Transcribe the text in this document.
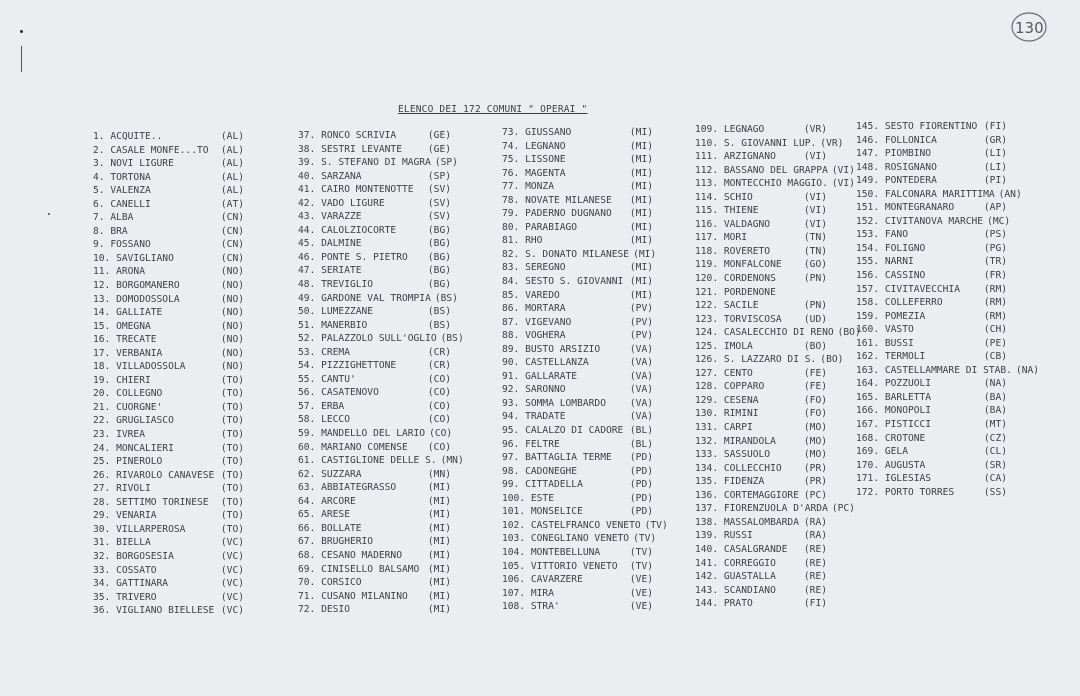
130
ELENCO DEI 172 COMUNI " OPERAI "
1. ACQUITE..	(AL)
2. CASALE MONFE...TO	(AL)
3. NOVI LIGURE	(AL)
4. TORTONA	(AL)
5. VALENZA	(AL)
6. CANELLI	(AT)
7. ALBA	(CN)
8. BRA	(CN)
9. FOSSANO	(CN)
10. SAVIGLIANO	(CN)
11. ARONA	(NO)
12. BORGOMANERO	(NO)
13. DOMODOSSOLA	(NO)
14. GALLIATE	(NO)
15. OMEGNA	(NO)
16. TRECATE	(NO)
17. VERBANIA	(NO)
18. VILLADOSSOLA	(NO)
19. CHIERI	(TO)
20. COLLEGNO	(TO)
21. CUORGNE'	(TO)
22. GRUGLIASCO	(TO)
23. IVREA	(TO)
24. MONCALIERI	(TO)
25. PINEROLO	(TO)
26. RIVAROLO CANAVESE (TO)
27. RIVOLI	(TO)
28. SETTIMO TORINESE	(TO)
29. VENARIA	(TO)
30. VILLARPEROSA	(TO)
31. BIELLA	(VC)
32. BORGOSESIA	(VC)
33. COSSATO	(VC)
34. GATTINARA	(VC)
35. TRIVERO	(VC)
36. VIGLIANO BIELLESE (VC)
37. RONCO SCRIVIA	(GE)
38. SESTRI LEVANTE	(GE)
39. S. STEFANO DI MAGRA (SP)
40. SARZANA	(SP)
41. CAIRO MONTENOTTE	(SV)
42. VADO LIGURE	(SV)
43. VARAZZE	(SV)
44. CALOLZIOCORTE	(BG)
45. DALMINE	(BG)
46. PONTE S. PIETRO	(BG)
47. SERIATE	(BG)
48. TREVIGLIO	(BG)
49. GARDONE VAL TROMPIA (BS)
50. LUMEZZANE	(BS)
51. MANERBIO	(BS)
52. PALAZZOLO SULL'OGLIO (BS)
53. CREMA	(CR)
54. PIZZIGHETTONE	(CR)
55. CANTU'	(CO)
56. CASATENOVO	(CO)
57. ERBA	(CO)
58. LECCO	(CO)
59. MANDELLO DEL LARIO (CO)
60. MARIANO COMENSE	(CO)
61. CASTIGLIONE DELLE S. (MN)
62. SUZZARA	(MN)
63. ABBIATEGRASSO	(MI)
64. ARCORE	(MI)
65. ARESE	(MI)
66. BOLLATE	(MI)
67. BRUGHERIO	(MI)
68. CESANO MADERNO	(MI)
69. CINISELLO BALSAMO (MI)
70. CORSICO	(MI)
71. CUSANO MILANINO	(MI)
72. DESIO	(MI)
73. GIUSSANO	(MI)
74. LEGNANO	(MI)
75. LISSONE	(MI)
76. MAGENTA	(MI)
77. MONZA	(MI)
78. NOVATE MILANESE	(MI)
79. PADERNO DUGNANO	(MI)
80. PARABIAGO	(MI)
81. RHO	(MI)
82. S. DONATO MILANESE (MI)
83. SEREGNO	(MI)
84. SESTO S. GIOVANNI (MI)
85. VAREDO	(MI)
86. MORTARA	(PV)
87. VIGEVANO	(PV)
88. VOGHERA	(PV)
89. BUSTO ARSIZIO	(VA)
90. CASTELLANZA	(VA)
91. GALLARATE	(VA)
92. SARONNO	(VA)
93. SOMMA LOMBARDO	(VA)
94. TRADATE	(VA)
95. CALALZO DI CADORE (BL)
96. FELTRE	(BL)
97. BATTAGLIA TERME	(PD)
98. CADONEGHE	(PD)
99. CITTADELLA	(PD)
100. ESTE	(PD)
101. MONSELICE	(PD)
102. CASTELFRANCO VENETO (TV)
103. CONEGLIANO VENETO (TV)
104. MONTEBELLUNA	(TV)
105. VITTORIO VENETO	(TV)
106. CAVARZERE	(VE)
107. MIRA	(VE)
108. STRA'	(VE)
109. LEGNAGO	(VR)
110. S. GIOVANNI LUP. (VR)
111. ARZIGNANO	(VI)
112. BASSANO DEL GRAPPA (VI)
113. MONTECCHIO MAGGIO. (VI)
114. SCHIO	(VI)
115. THIENE	(VI)
116. VALDAGNO	(VI)
117. MORI	(TN)
118. ROVERETO	(TN)
119. MONFALCONE	(GO)
120. CORDENONS	(PN)
121. PORDENONE
122. SACILE	(PN)
123. TORVISCOSA	(UD)
124. CASALECCHIO DI RENO (BO)
125. IMOLA	(BO)
126. S. LAZZARO DI S. (BO)
127. CENTO	(FE)
128. COPPARO	(FE)
129. CESENA	(FO)
130. RIMINI	(FO)
131. CARPI	(MO)
132. MIRANDOLA	(MO)
133. SASSUOLO	(MO)
134. COLLECCHIO	(PR)
135. FIDENZA	(PR)
136. CORTEMAGGIORE (PC)
137. FIORENZUOLA D'ARDA (PC)
138. MASSALOMBARDA (RA)
139. RUSSI	(RA)
140. CASALGRANDE	(RE)
141. CORREGGIO	(RE)
142. GUASTALLA	(RE)
143. SCANDIANO	(RE)
144. PRATO	(FI)
145. SESTO FIORENTINO (FI)
146. FOLLONICA	(GR)
147. PIOMBINO	(LI)
148. ROSIGNANO	(LI)
149. PONTEDERA	(PI)
150. FALCONARA MARITTIMA (AN)
151. MONTEGRANARO	(AP)
152. CIVITANOVA MARCHE (MC)
153. FANO	(PS)
154. FOLIGNO	(PG)
155. NARNI	(TR)
156. CASSINO	(FR)
157. CIVITAVECCHIA	(RM)
158. COLLEFERRO	(RM)
159. POMEZIA	(RM)
160. VASTO	(CH)
161. BUSSI	(PE)
162. TERMOLI	(CB)
163. CASTELLAMMARE DI STAB. (NA)
164. POZZUOLI	(NA)
165. BARLETTA	(BA)
166. MONOPOLI	(BA)
167. PISTICCI	(MT)
168. CROTONE	(CZ)
169. GELA	(CL)
170. AUGUSTA	(SR)
171. IGLESIAS	(CA)
172. PORTO TORRES	(SS)
